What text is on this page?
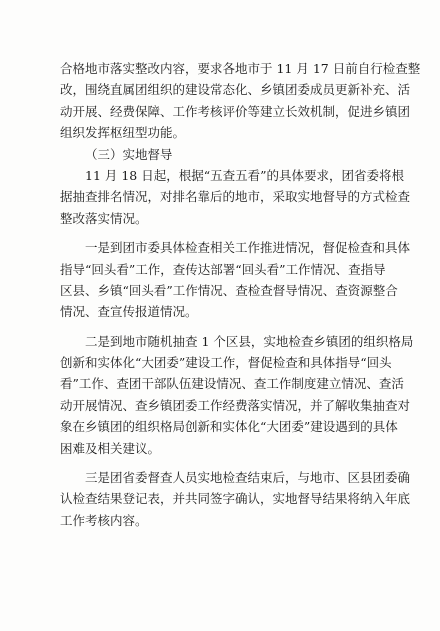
合格地市落实整改内容，要求各地市于 11 月 17 日前自行检查整
改，围绕直属团组织的建设常态化、乡镇团委成员更新补充、活
动开展、经费保障、工作考核评价等建立长效机制，促进乡镇团
组织发挥枢纽型功能。
（三）实地督导
11 月 18 日起，根据“五查五看”的具体要求，团省委将根
据抽查排名情况，对排名靠后的地市，采取实地督导的方式检查
整改落实情况。
一是到团市委具体检查相关工作推进情况，督促检查和具体
指导“回头看”工作，查传达部署“回头看”工作情况、查指导
区县、乡镇“回头看”工作情况、查检查督导情况、查资源整合
情况、查宣传报道情况。
二是到地市随机抽查 1 个区县，实地检查乡镇团的组织格局
创新和实体化“大团委”建设工作，督促检查和具体指导“回头
看”工作、查团干部队伍建设情况、查工作制度建立情况、查活
动开展情况、查乡镇团委工作经费落实情况，并了解收集抽查对
象在乡镇团的组织格局创新和实体化“大团委”建设遇到的具体
困难及相关建议。
三是团省委督查人员实地检查结束后，与地市、区县团委确
认检查结果登记表，并共同签字确认，实地督导结果将纳入年底
工作考核内容。
